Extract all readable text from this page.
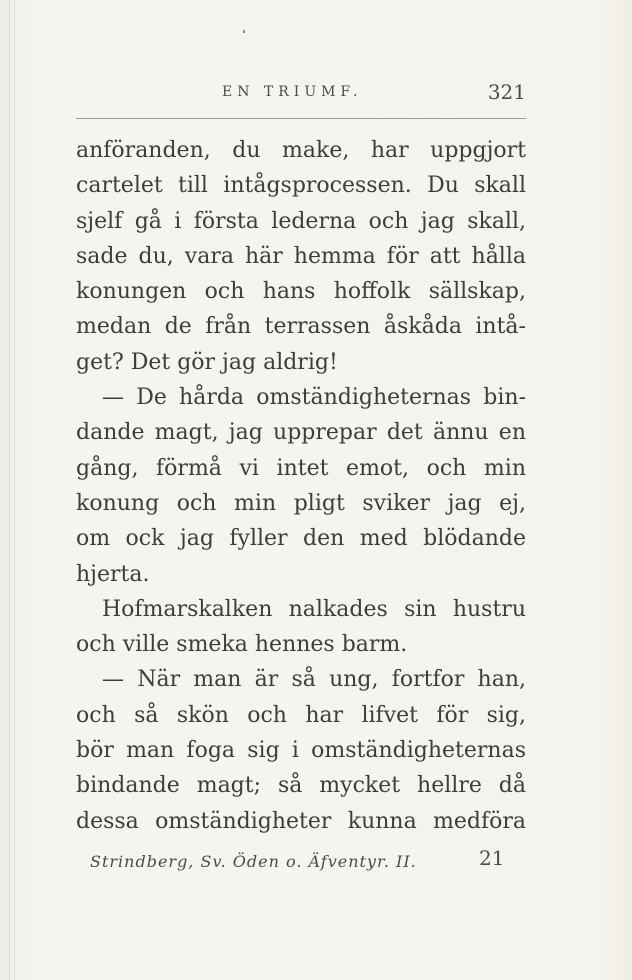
EN TRIUMF.	321
anföranden, du make, har uppgjort
cartelet till intågsprocessen. Du skall
sjelf gå i första lederna och jag skall,
sade du, vara här hemma för att hålla
konungen och hans hoffolk sällskap,
medan de från terrassen åskåda intå-
get? Det gör jag aldrig!
— De hårda omständigheternas bin-
dande magt, jag upprepar det ännu en
gång, förmå vi intet emot, och min
konung och min pligt sviker jag ej,
om ock jag fyller den med blödande
hjerta.
Hofmarskalken nalkades sin hustru
och ville smeka hennes barm.
— När man är så ung, fortfor han,
och så skön och har lifvet för sig,
bör man foga sig i omständigheternas
bindande magt; så mycket hellre då
dessa omständigheter kunna medföra
Strindberg, Sv. Öden o. Äfventyr. II.	21
